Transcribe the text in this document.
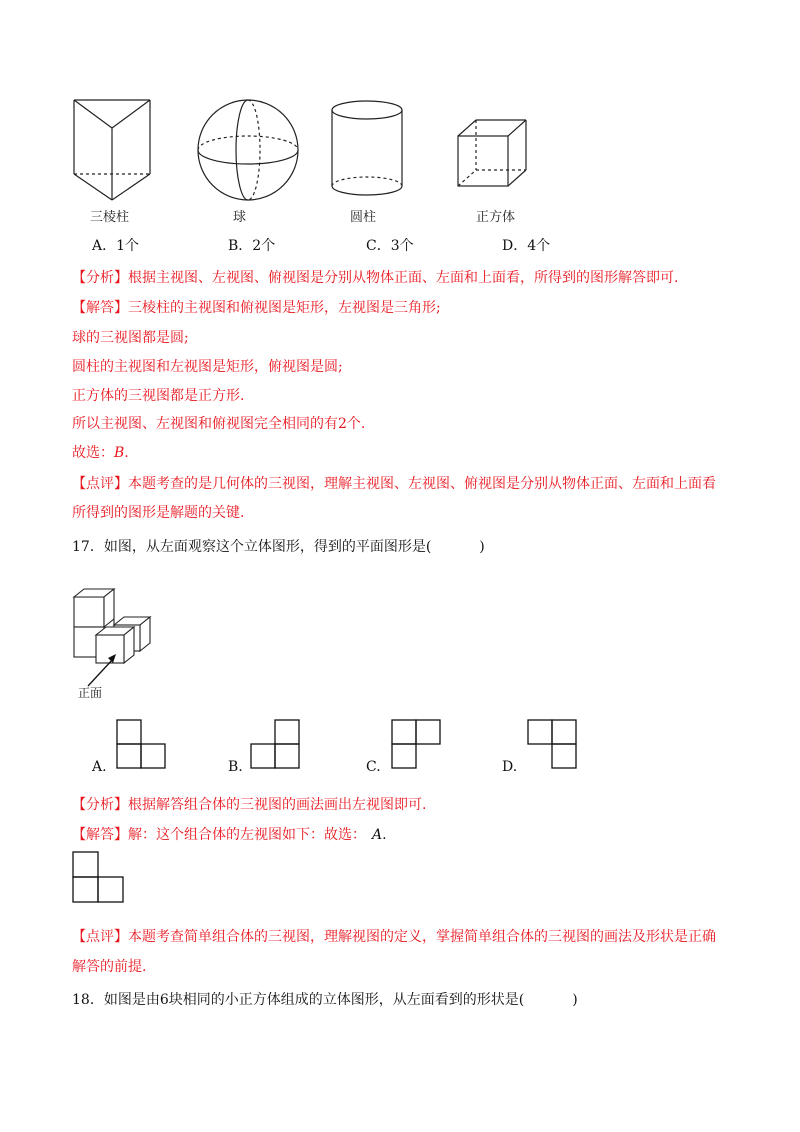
三棱柱	球	圆柱	正方体
A．1个	B．2个	C．3个	D．4个
【分析】根据主视图、左视图、俯视图是分别从物体正面、左面和上面看，所得到的图形解答即可.
【解答】三棱柱的主视图和俯视图是矩形，左视图是三角形;
球的三视图都是圆;
圆柱的主视图和左视图是矩形，俯视图是圆;
正方体的三视图都是正方形.
所以主视图、左视图和俯视图完全相同的有2个.
故选：B.
【点评】本题考查的是几何体的三视图，理解主视图、左视图、俯视图是分别从物体正面、左面和上面看
所得到的图形是解题的关键.
17．如图，从左面观察这个立体图形，得到的平面图形是(	)
正面
A.	B.	C.	D.
【分析】根据解答组合体的三视图的画法画出左视图即可.
【解答】解：这个组合体的左视图如下：故选： A.
【点评】本题考查简单组合体的三视图，理解视图的定义，掌握简单组合体的三视图的画法及形状是正确
解答的前提.
18．如图是由6块相同的小正方体组成的立体图形，从左面看到的形状是(	)
